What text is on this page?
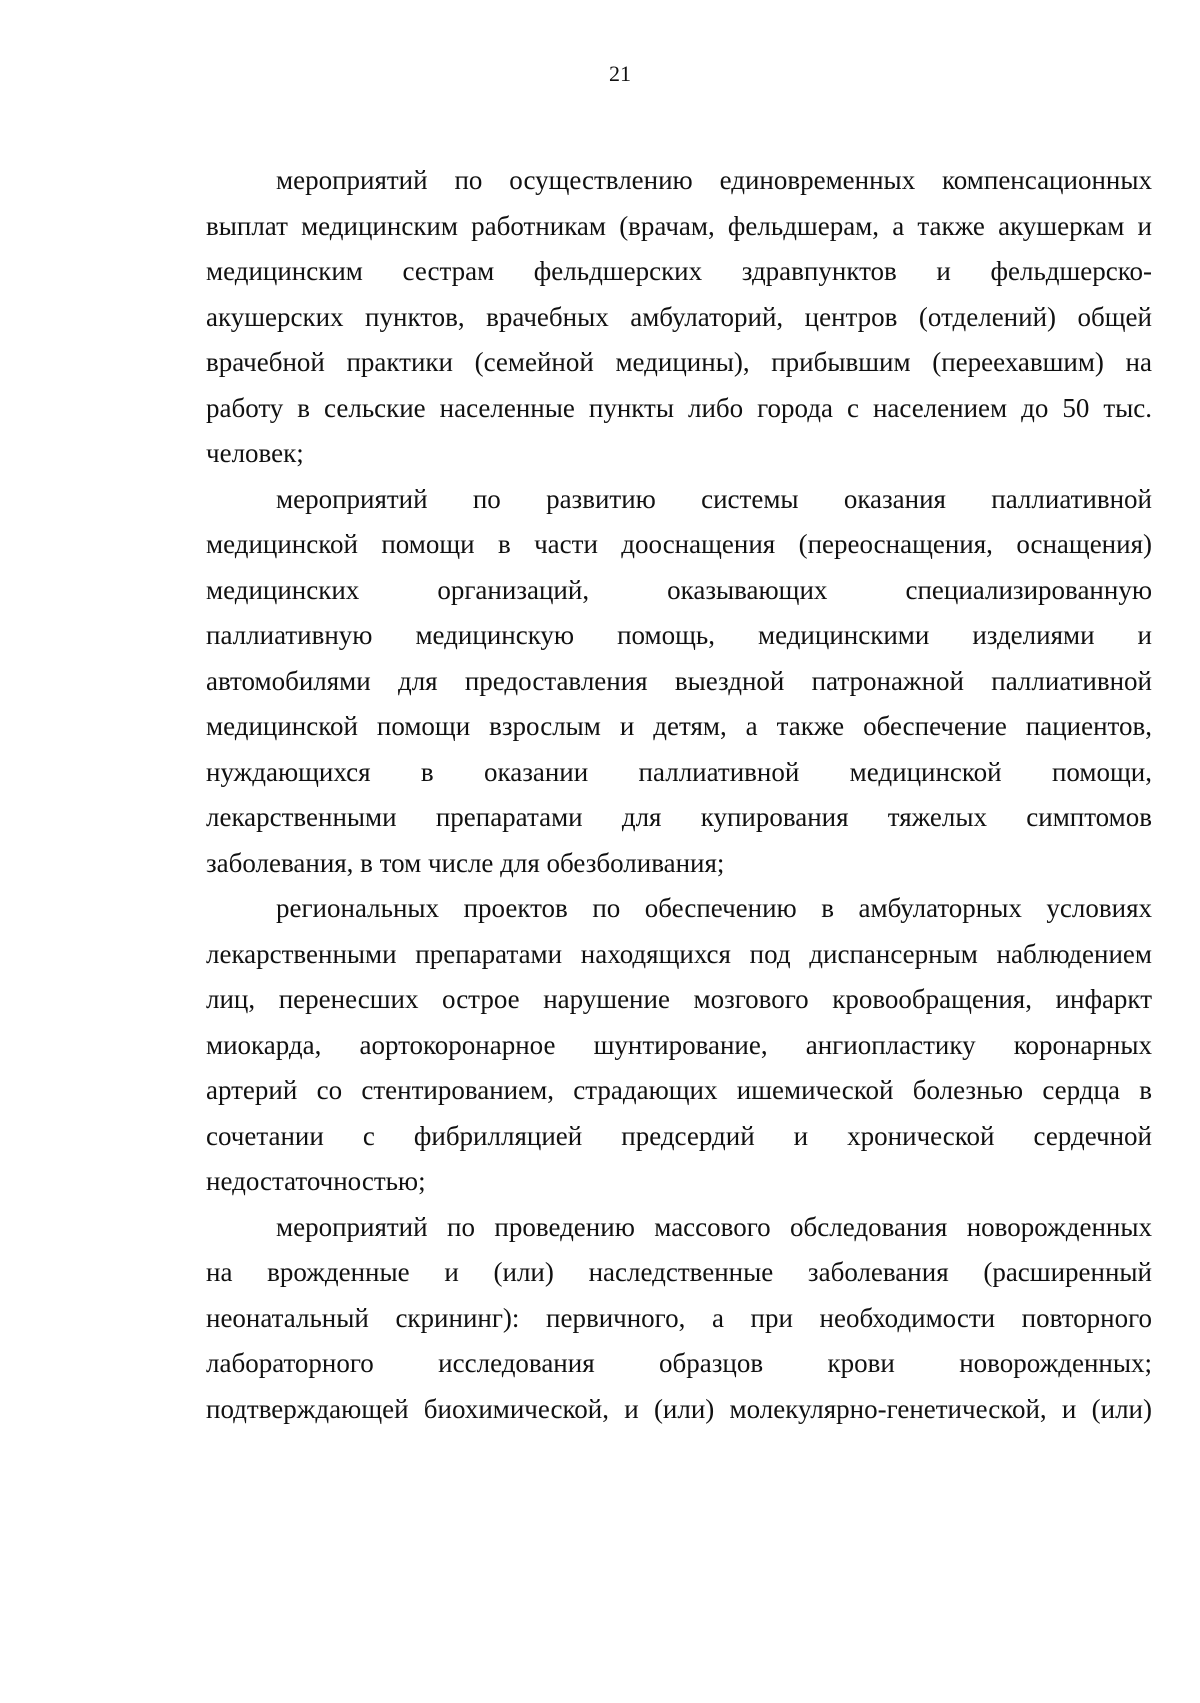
21
мероприятий по осуществлению единовременных компенсационных
выплат медицинским работникам (врачам, фельдшерам, а также акушеркам и
медицинским сестрам фельдшерских здравпунктов и фельдшерско-
акушерских пунктов, врачебных амбулаторий, центров (отделений) общей
врачебной практики (семейной медицины), прибывшим (переехавшим) на
работу в сельские населенные пункты либо города с населением до 50 тыс.
человек;
мероприятий по развитию системы оказания паллиативной
медицинской помощи в части дооснащения (переоснащения, оснащения)
медицинских организаций, оказывающих специализированную
паллиативную медицинскую помощь, медицинскими изделиями и
автомобилями для предоставления выездной патронажной паллиативной
медицинской помощи взрослым и детям, а также обеспечение пациентов,
нуждающихся в оказании паллиативной медицинской помощи,
лекарственными препаратами для купирования тяжелых симптомов
заболевания, в том числе для обезболивания;
региональных проектов по обеспечению в амбулаторных условиях
лекарственными препаратами находящихся под диспансерным наблюдением
лиц, перенесших острое нарушение мозгового кровообращения, инфаркт
миокарда, аортокоронарное шунтирование, ангиопластику коронарных
артерий со стентированием, страдающих ишемической болезнью сердца в
сочетании с фибрилляцией предсердий и хронической сердечной
недостаточностью;
мероприятий по проведению массового обследования новорожденных
на врожденные и (или) наследственные заболевания (расширенный
неонатальный скрининг): первичного, а при необходимости повторного
лабораторного исследования образцов крови новорожденных;
подтверждающей биохимической, и (или) молекулярно-генетической, и (или)
